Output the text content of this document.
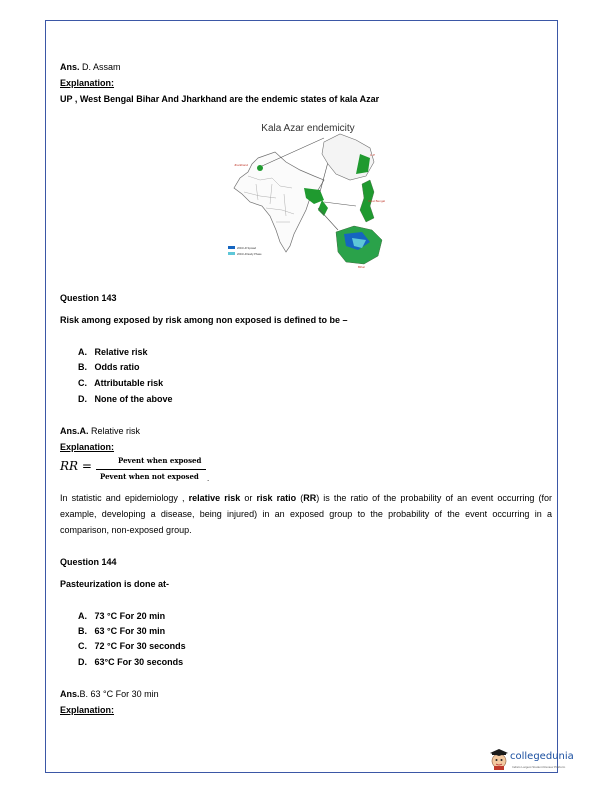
Ans. D. Assam
Explanation:
UP , West Bengal Bihar And Jharkhand are the endemic states of kala Azar
Kala Azar endemicity
Jharkhand
U.P
West Bengal
Bihar
2004 LR Spread
2004 LR Early Phase
Question 143
Risk among exposed by risk among non exposed is defined to be –
A.   Relative risk
B.   Odds ratio
C.   Attributable risk
D.   None of the above
Ans.A. Relative risk
Explanation:
RR =	Pevent when exposed
Pevent when not exposed .
In statistic and epidemiology , relative risk or risk ratio (RR) is the ratio of the probability of an event occurring (for example, developing a disease, being injured) in an exposed group to the probability of the event occurring in a comparison, non-exposed group.
Question 144
Pasteurization is done at-
A.   73 °C For 20 min
B.   63 °C For 30 min
C.   72 °C For 30 seconds
D.   63°C For 30 seconds
Ans.B. 63 °C For 30 min
Explanation:
collegedunia
India's Largest Student Review Platform
